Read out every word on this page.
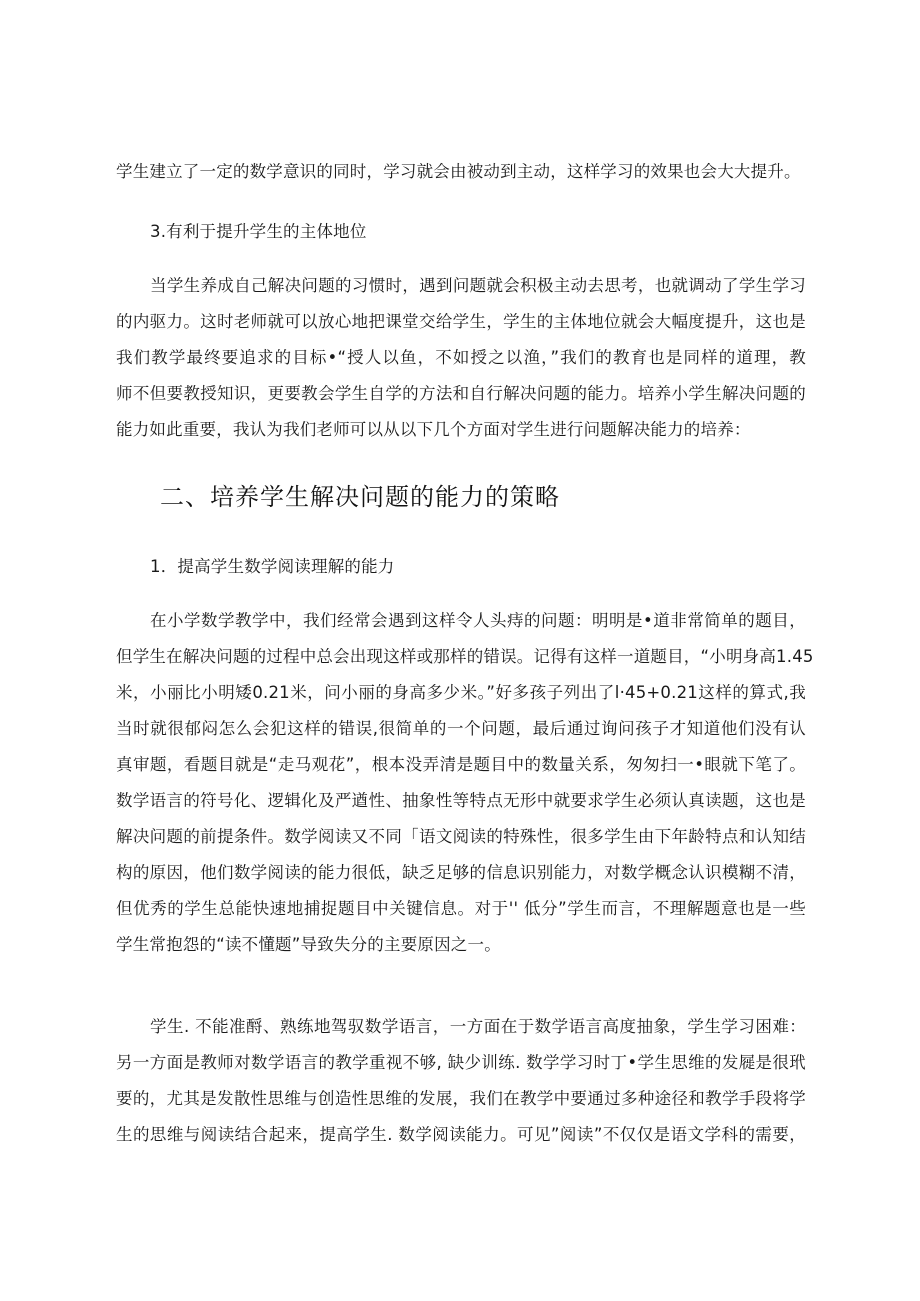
学生建立了一定的数学意识的同时，学习就会由被动到主动，这样学习的效果也会大大提升。
3.有利于提升学生的主体地位
当学生养成自己解决问题的习惯时，遇到问题就会积极主动去思考，也就调动了学生学习
的内驱力。这时老师就可以放心地把课堂交给学生，学生的主体地位就会大幅度提升，这也是
我们教学最终要追求的目标•“授人以鱼，不如授之以渔，”我们的教育也是同样的道理，教
师不但要教授知识，更要教会学生自学的方法和自行解决问题的能力。培养小学生解决问题的
能力如此重要，我认为我们老师可以从以下几个方面对学生进行问题解决能力的培养：
二、培养学生解决问题的能力的策略
1．提高学生数学阅读理解的能力
在小学数学教学中，我们经常会遇到这样令人头痔的问题：明明是•道非常简单的题目，
但学生在解决问题的过程中总会出现这样或那样的错误。记得有这样一道题目，“小明身高1.45
米，小丽比小明矮0.21米，问小丽的身高多少米。”好多孩子列出了l·45+0.21这样的算式,我
当时就很郁闷怎么会犯这样的错误,很简单的一个问题，最后通过询问孩子才知道他们没有认
真审题，看题目就是“走马观花”，根本没弄清是题目中的数量关系，匆匆扫一•眼就下笔了。
数学语言的符号化、逻辑化及严遒性、抽象性等特点无形中就要求学生必须认真读题，这也是
解决问题的前提条件。数学阅读又不同「语文阅读的特殊性，很多学生由下年龄特点和认知结
构的原因，他们数学阅读的能力很低，缺乏足够的信息识别能力，对数学概念认识模糊不清，
但优秀的学生总能快速地捕捉题目中关键信息。对于'' 低分”学生而言，不理解题意也是一些
学生常抱怨的“读不懂题”导致失分的主要原因之一。
学生. 不能准酹、熟练地驾驭数学语言，一方面在于数学语言高度抽象，学生学习困难：
另一方面是教师对数学语言的教学重视不够, 缺少训练. 数学学习时丁•学生思维的发屣是很玳
要的，尤其是发散性思维与创造性思维的发展，我们在教学中要通过多种途径和教学手段将学
生的思维与阅读结合起来，提高学生. 数学阅读能力。可见”阅读”不仅仅是语文学科的需要，
